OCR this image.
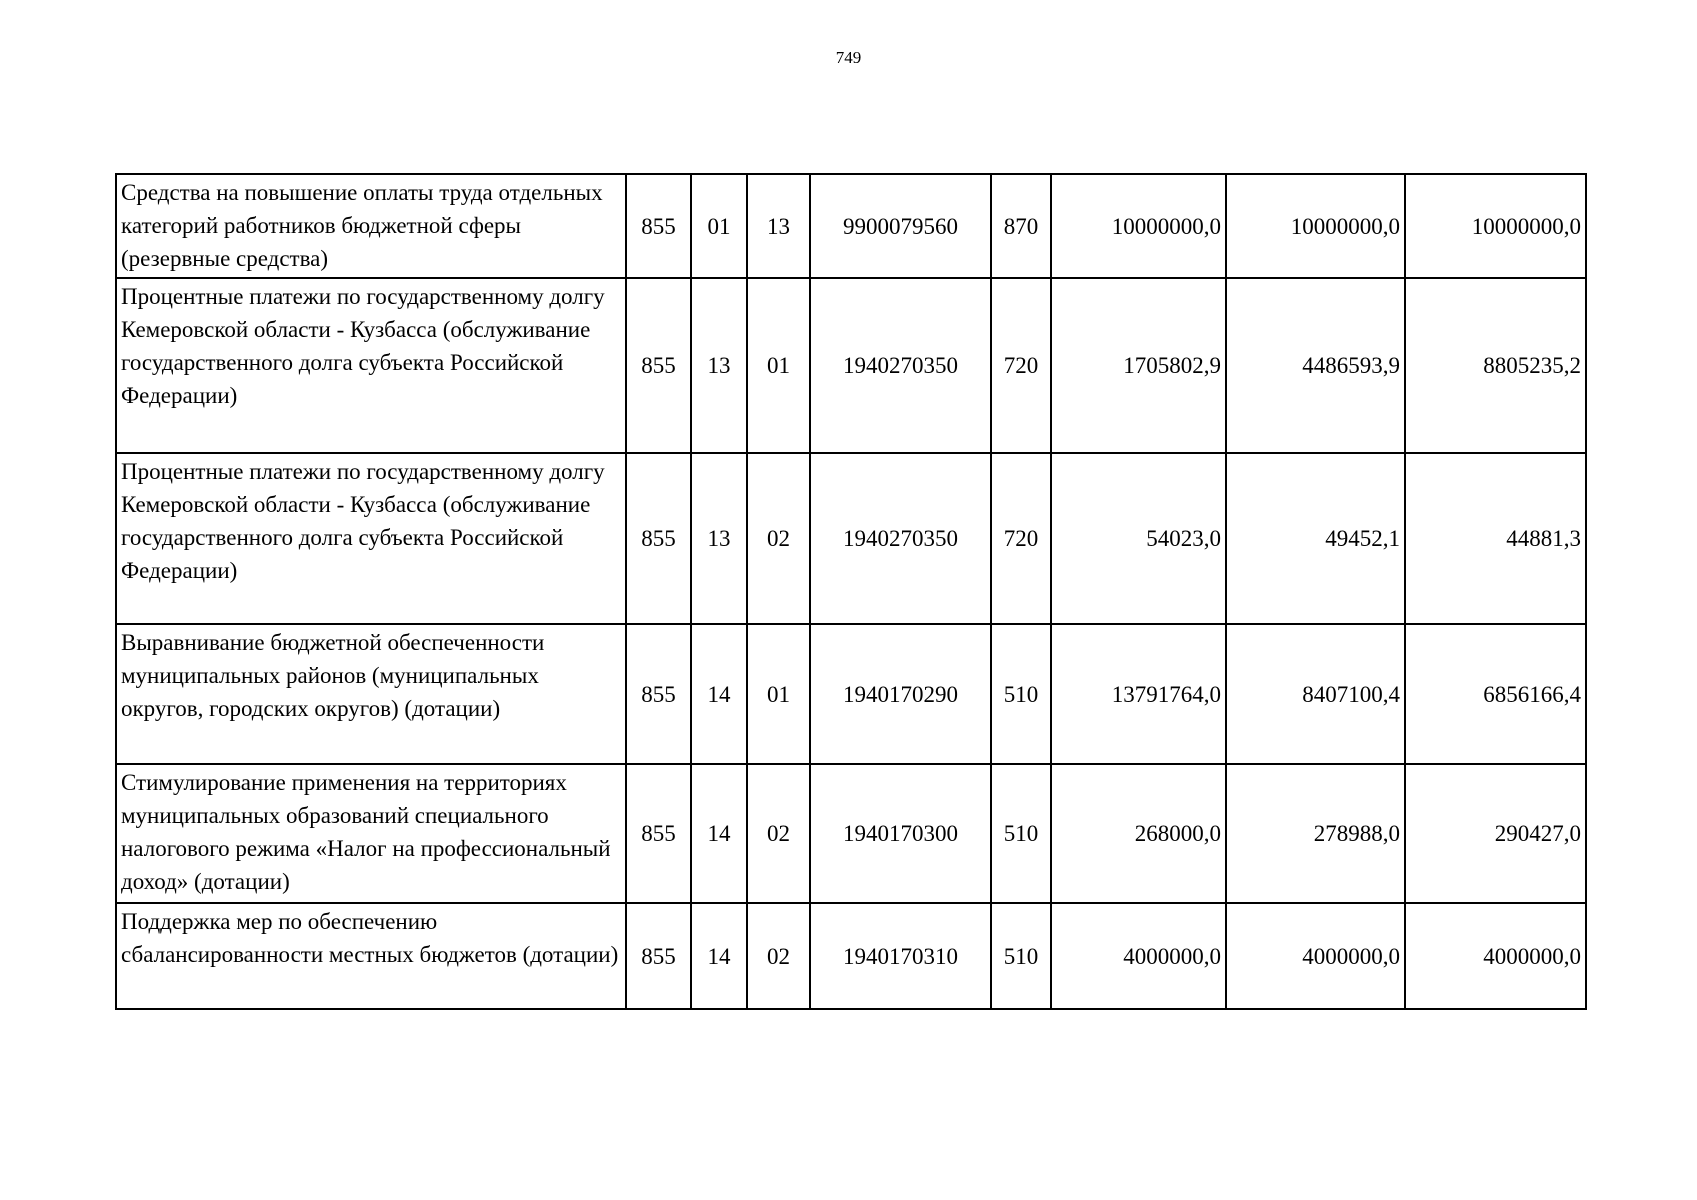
749
Средства на повышение оплаты труда отдельных категорий работников бюджетной сферы (резервные средства)	855	01	13	9900079560	870	10000000,0	10000000,0	10000000,0
Процентные платежи по государственному долгу Кемеровской области - Кузбасса (обслуживание государственного долга субъекта Российской Федерации)	855	13	01	1940270350	720	1705802,9	4486593,9	8805235,2
Процентные платежи по государственному долгу Кемеровской области - Кузбасса (обслуживание государственного долга субъекта Российской Федерации)	855	13	02	1940270350	720	54023,0	49452,1	44881,3
Выравнивание бюджетной обеспеченности муниципальных районов (муниципальных округов, городских округов) (дотации)	855	14	01	1940170290	510	13791764,0	8407100,4	6856166,4
Стимулирование применения на территориях муниципальных образований специального налогового режима «Налог на профессиональный доход» (дотации)	855	14	02	1940170300	510	268000,0	278988,0	290427,0
Поддержка мер по обеспечению сбалансированности местных бюджетов (дотации)	855	14	02	1940170310	510	4000000,0	4000000,0	4000000,0
